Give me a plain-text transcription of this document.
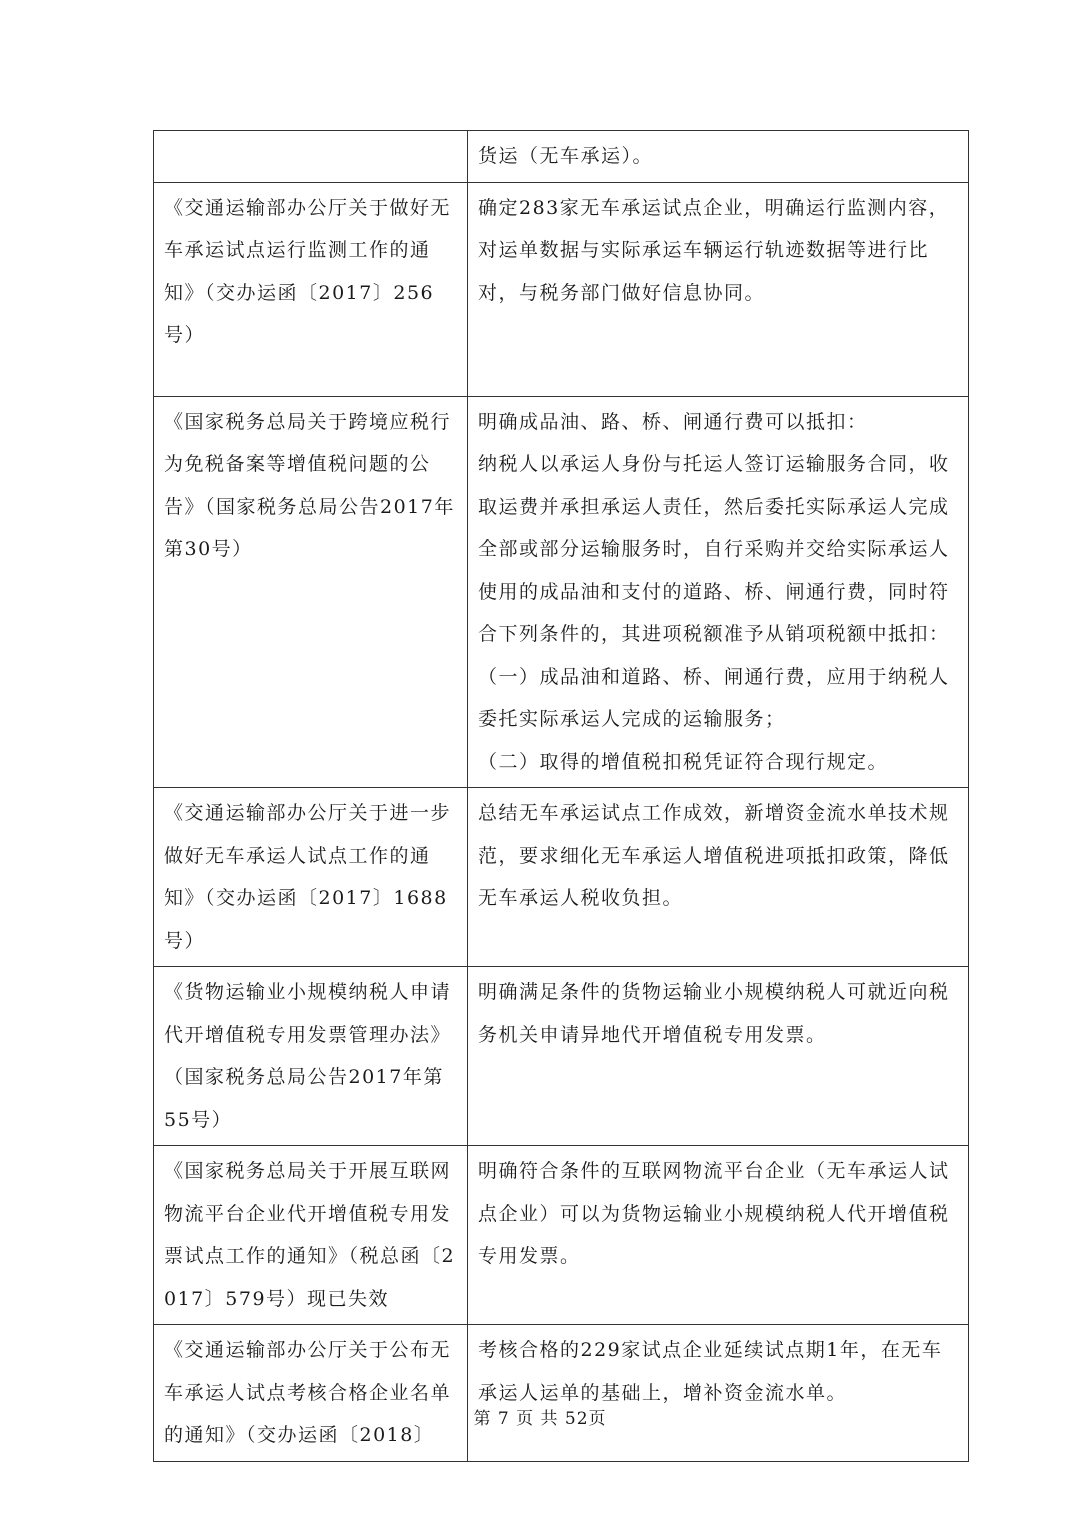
	货运（无车承运）。

《交通运输部办公厅关于做好无车承运试点运行监测工作的通知》（交办运函〔2017〕256号）	确定283家无车承运试点企业，明确运行监测内容，对运单数据与实际承运车辆运行轨迹数据等进行比对，与税务部门做好信息协同。

《国家税务总局关于跨境应税行为免税备案等增值税问题的公告》（国家税务总局公告2017年第30号）	明确成品油、路、桥、闸通行费可以抵扣：
纳税人以承运人身份与托运人签订运输服务合同，收取运费并承担承运人责任，然后委托实际承运人完成全部或部分运输服务时，自行采购并交给实际承运人使用的成品油和支付的道路、桥、闸通行费，同时符合下列条件的，其进项税额准予从销项税额中抵扣：
（一）成品油和道路、桥、闸通行费，应用于纳税人委托实际承运人完成的运输服务；
（二）取得的增值税扣税凭证符合现行规定。

《交通运输部办公厅关于进一步做好无车承运人试点工作的通知》（交办运函〔2017〕1688号）	总结无车承运试点工作成效，新增资金流水单技术规范，要求细化无车承运人增值税进项抵扣政策，降低无车承运人税收负担。

《货物运输业小规模纳税人申请代开增值税专用发票管理办法》（国家税务总局公告2017年第55号）	明确满足条件的货物运输业小规模纳税人可就近向税务机关申请异地代开增值税专用发票。

《国家税务总局关于开展互联网物流平台企业代开增值税专用发票试点工作的通知》（税总函〔2017〕579号）现已失效	明确符合条件的互联网物流平台企业（无车承运人试点企业）可以为货物运输业小规模纳税人代开增值税专用发票。

《交通运输部办公厅关于公布无车承运人试点考核合格企业名单的通知》（交办运函〔2018〕	考核合格的229家试点企业延续试点期1年，在无车承运人运单的基础上，增补资金流水单。
第 7 页 共 52页
